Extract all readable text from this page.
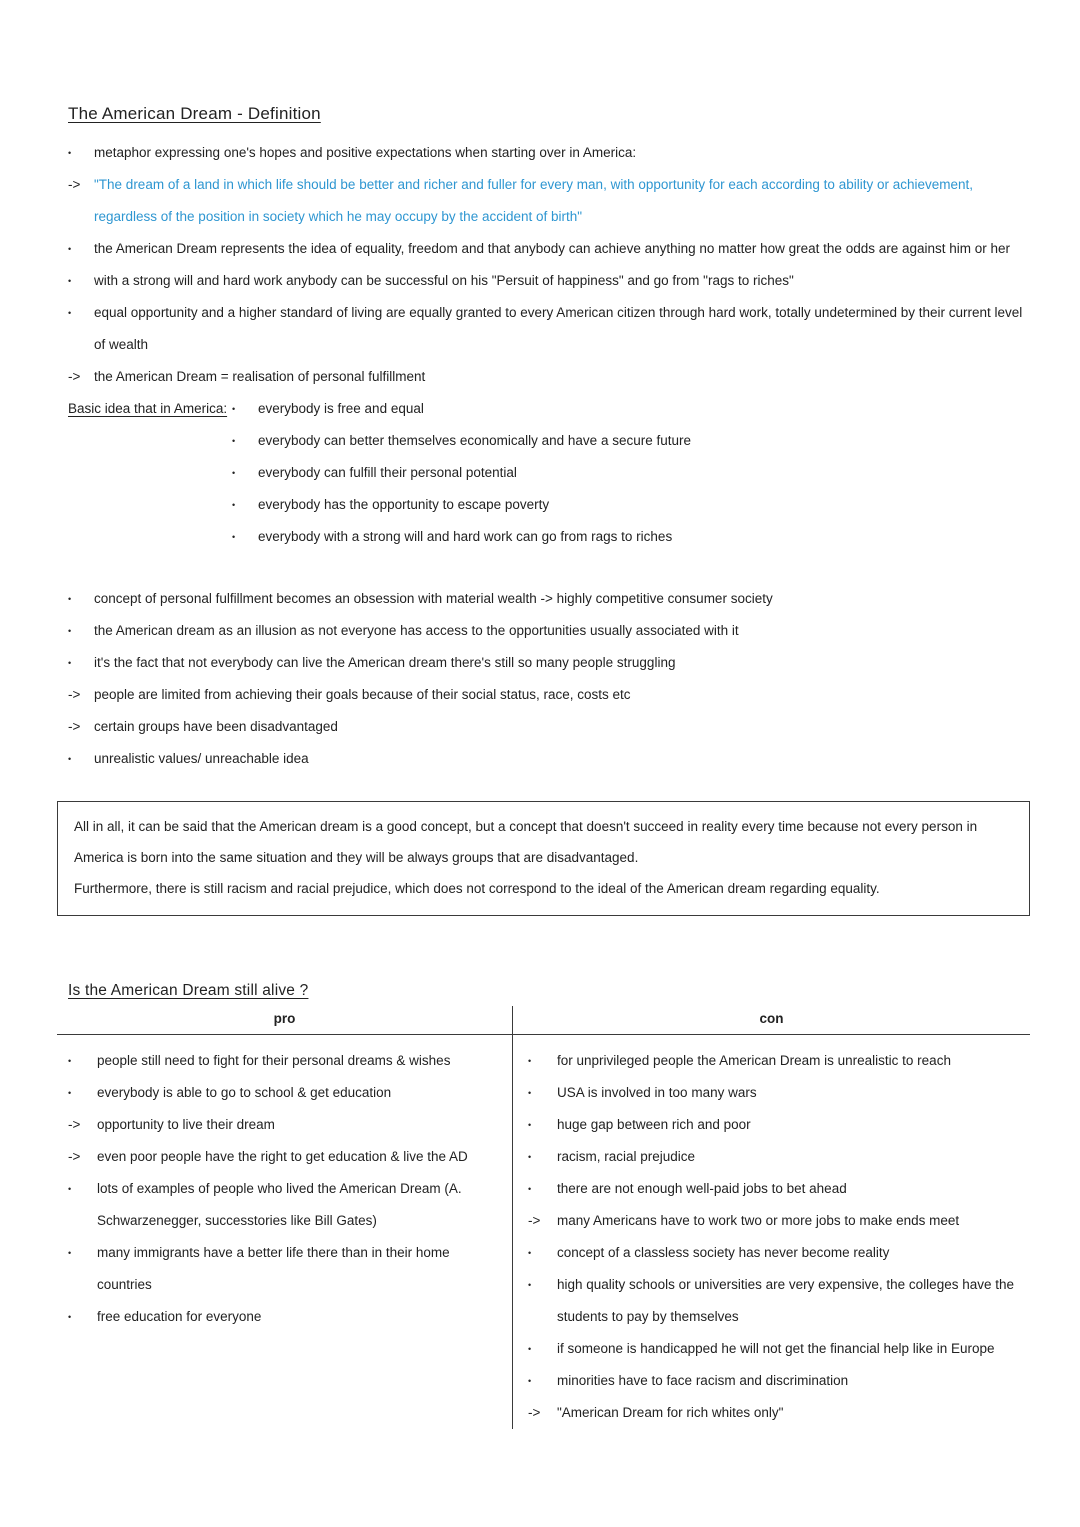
The American Dream - Definition
•	metaphor expressing one's hopes and positive expectations when starting over in America:
->	"The dream of a land in which life should be better and richer and fuller for every man, with opportunity for each according to ability or achievement, regardless of the position in society which he may occupy by the accident of birth"
•	the American Dream represents the idea of equality, freedom and that anybody can achieve anything no matter how great the odds are against him or her
•	with a strong will and hard work anybody can be successful on his "Persuit of happiness" and go from "rags to riches"
•	equal opportunity and a higher standard of living are equally granted to every American citizen through hard work, totally undetermined by their current level of wealth
->	the American Dream = realisation of personal fulfillment
Basic idea that in America: •	everybody is free and equal
•	everybody can better themselves economically and have a secure future
•	everybody can fulfill their personal potential
•	everybody has the opportunity to escape poverty
•	everybody with a strong will and hard work can go from rags to riches
•	concept of personal fulfillment becomes an obsession with material wealth -> highly competitive consumer society
•	the American dream as an illusion as not everyone has access to the opportunities usually associated with it
•	it's the fact that not everybody can live the American dream there's still so many people struggling
->	people are limited from achieving their goals because of their social status, race, costs etc
->	certain groups have been disadvantaged
•	unrealistic values/ unreachable idea

All in all, it can be said that the American dream is a good concept, but a concept that doesn't succeed in reality every time because not every person in America is born into the same situation and they will be always groups that are disadvantaged.

Furthermore, there is still racism and racial prejudice, which does not correspond to the ideal of the American dream regarding equality.

Is the American Dream still alive ?
pro
•	people still need to fight for their personal dreams & wishes
•	everybody is able to go to school & get education
->	opportunity to live their dream
->	even poor people have the right to get education & live the AD
•	lots of examples of people who lived the American Dream (A. Schwarzenegger, successtories like Bill Gates)
•	many immigrants have a better life there than in their home countries
•	free education for everyone
con
•	for unprivileged people the American Dream is unrealistic to reach
•	USA is involved in too many wars
•	huge gap between rich and poor
•	racism, racial prejudice
•	there are not enough well-paid jobs to bet ahead
->	many Americans have to work two or more jobs to make ends meet
•	concept of a classless society has never become reality
•	high quality schools or universities are very expensive, the colleges have the students to pay by themselves
•	if someone is handicapped he will not get the financial help like in Europe
•	minorities have to face racism and discrimination
->	"American Dream for rich whites only"
